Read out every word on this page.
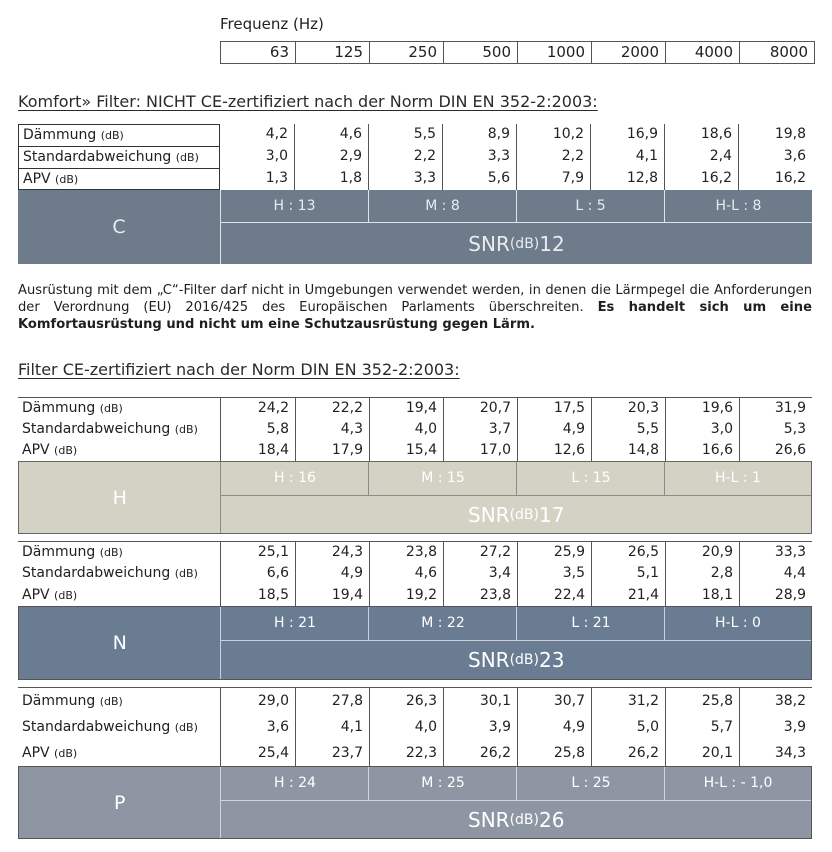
Frequenz (Hz)
63	125	250	500	1000	2000	4000	8000
Komfort» Filter: NICHT CE-zertifiziert nach der Norm DIN EN 352-2:2003:
Dämmung (dB)	4,2	4,6	5,5	8,9	10,2	16,9	18,6	19,8
Standardabweichung (dB)	3,0	2,9	2,2	3,3	2,2	4,1	2,4	3,6
APV (dB)	1,3	1,8	3,3	5,6	7,9	12,8	16,2	16,2
C
H : 13	M : 8	L : 5	H-L : 8
SNR (dB) 12
Ausrüstung mit dem „C“-Filter darf nicht in Umgebungen verwendet werden, in denen die Lärmpegel die Anforderungen der Verordnung (EU) 2016/425 des Europäischen Parlaments überschreiten. Es handelt sich um eine Komfortausrüstung und nicht um eine Schutzausrüstung gegen Lärm.
Filter CE-zertifiziert nach der Norm DIN EN 352-2:2003:
Dämmung (dB)	24,2	22,2	19,4	20,7	17,5	20,3	19,6	31,9
Standardabweichung (dB)	5,8	4,3	4,0	3,7	4,9	5,5	3,0	5,3
APV (dB)	18,4	17,9	15,4	17,0	12,6	14,8	16,6	26,6
H
H : 16	M : 15	L : 15	H-L : 1
SNR (dB) 17
Dämmung (dB)	25,1	24,3	23,8	27,2	25,9	26,5	20,9	33,3
Standardabweichung (dB)	6,6	4,9	4,6	3,4	3,5	5,1	2,8	4,4
APV (dB)	18,5	19,4	19,2	23,8	22,4	21,4	18,1	28,9
N
H : 21	M : 22	L : 21	H-L : 0
SNR (dB) 23
Dämmung (dB)	29,0	27,8	26,3	30,1	30,7	31,2	25,8	38,2
Standardabweichung (dB)	3,6	4,1	4,0	3,9	4,9	5,0	5,7	3,9
APV (dB)	25,4	23,7	22,3	26,2	25,8	26,2	20,1	34,3
P
H : 24	M : 25	L : 25	H-L : - 1,0
SNR (dB) 26
